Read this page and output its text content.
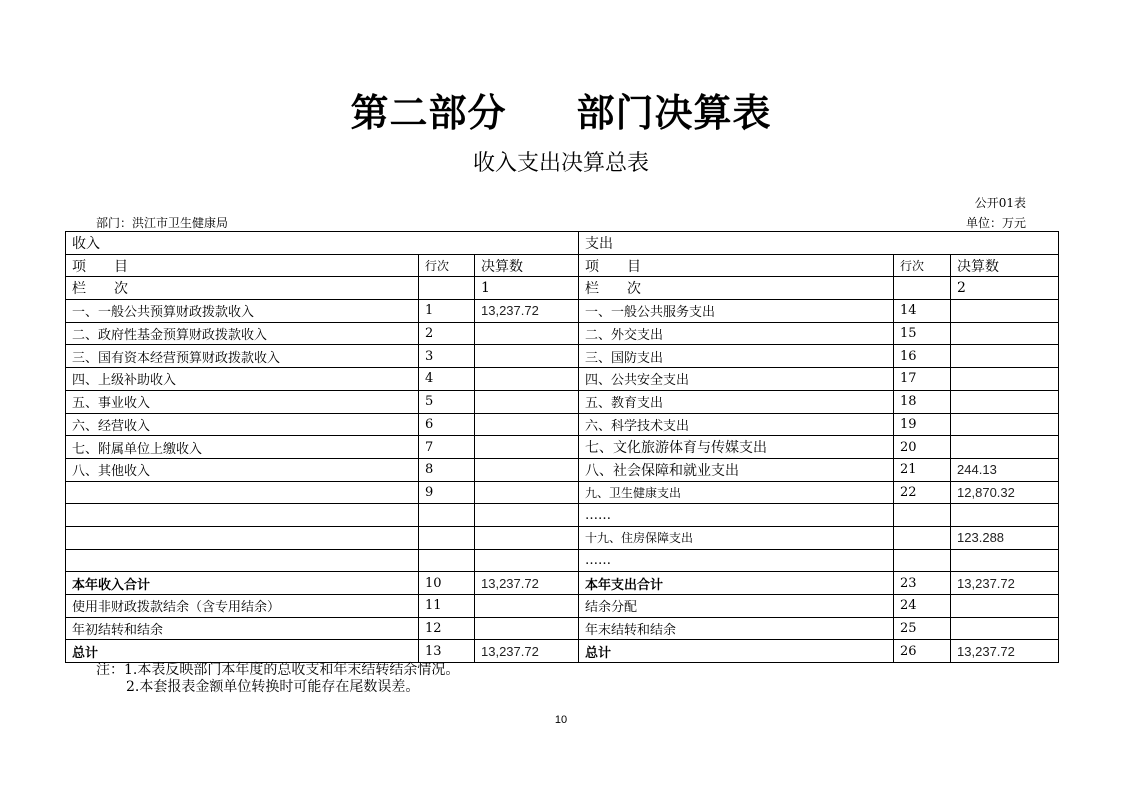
第二部分 部门决算表
收入支出决算总表
公开01表
部门：洪江市卫生健康局	单位：万元
收入			支出		
项　　目	行次	决算数	项　　目	行次	决算数
栏　　次		1	栏　　次		2
一、一般公共预算财政拨款收入	1	13,237.72	一、一般公共服务支出	14	
二、政府性基金预算财政拨款收入	2		二、外交支出	15	
三、国有资本经营预算财政拨款收入	3		三、国防支出	16	
四、上级补助收入	4		四、公共安全支出	17	
五、事业收入	5		五、教育支出	18	
六、经营收入	6		六、科学技术支出	19	
七、附属单位上缴收入	7		七、文化旅游体育与传媒支出	20	
八、其他收入	8		八、社会保障和就业支出	21	244.13
	9		九、卫生健康支出	22	12,870.32
			……		
			十九、住房保障支出		123.288
			……		
本年收入合计	10	13,237.72	本年支出合计	23	13,237.72
使用非财政拨款结余（含专用结余）	11		结余分配	24	
年初结转和结余	12		年末结转和结余	25	
总计	13	13,237.72	总计	26	13,237.72
注：1.本表反映部门本年度的总收支和年末结转结余情况。
2.本套报表金额单位转换时可能存在尾数误差。
10
